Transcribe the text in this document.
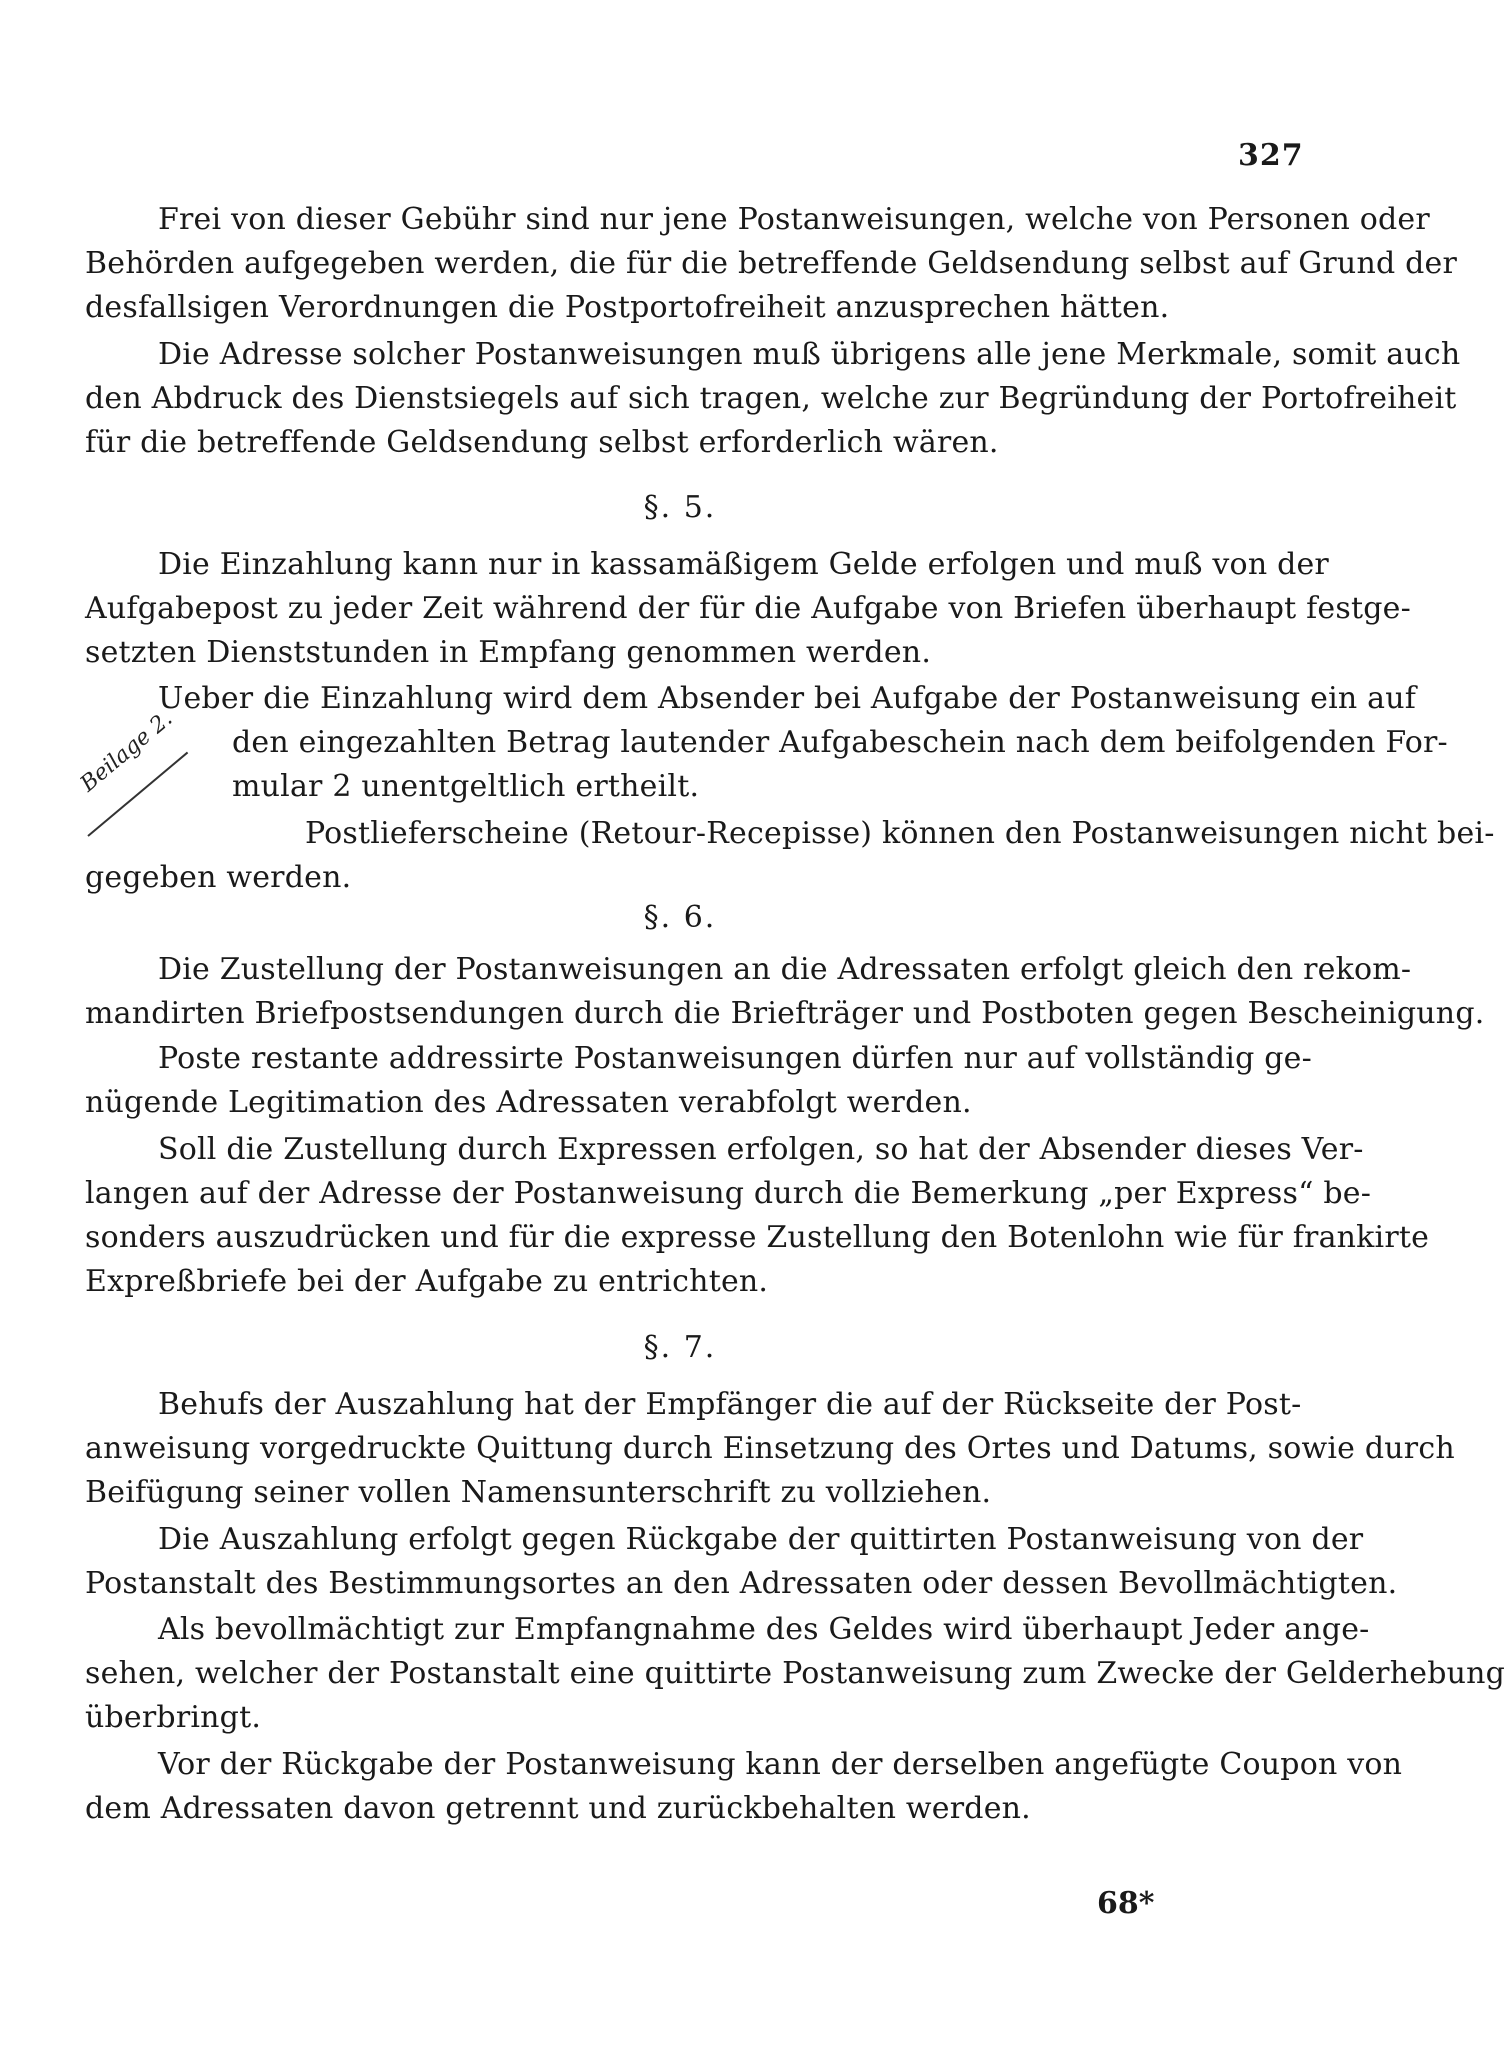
327
Frei von dieser Gebühr sind nur jene Postanweisungen, welche von Personen oder
Behörden aufgegeben werden, die für die betreffende Geldsendung selbst auf Grund der
desfallsigen Verordnungen die Postportofreiheit anzusprechen hätten.
Die Adresse solcher Postanweisungen muß übrigens alle jene Merkmale, somit auch
den Abdruck des Dienstsiegels auf sich tragen, welche zur Begründung der Portofreiheit
für die betreffende Geldsendung selbst erforderlich wären.
§. 5.
Die Einzahlung kann nur in kassamäßigem Gelde erfolgen und muß von der
Aufgabepost zu jeder Zeit während der für die Aufgabe von Briefen überhaupt festge-
setzten Dienststunden in Empfang genommen werden.
Ueber die Einzahlung wird dem Absender bei Aufgabe der Postanweisung ein auf
den eingezahlten Betrag lautender Aufgabeschein nach dem beifolgenden For-
mular 2 unentgeltlich ertheilt.
Beilage 2.
Postlieferscheine (Retour-Recepisse) können den Postanweisungen nicht bei-
gegeben werden.
§. 6.
Die Zustellung der Postanweisungen an die Adressaten erfolgt gleich den rekom-
mandirten Briefpostsendungen durch die Briefträger und Postboten gegen Bescheinigung.
Poste restante addressirte Postanweisungen dürfen nur auf vollständig ge-
nügende Legitimation des Adressaten verabfolgt werden.
Soll die Zustellung durch Expressen erfolgen, so hat der Absender dieses Ver-
langen auf der Adresse der Postanweisung durch die Bemerkung „per Express“ be-
sonders auszudrücken und für die expresse Zustellung den Botenlohn wie für frankirte
Expreßbriefe bei der Aufgabe zu entrichten.
§. 7.
Behufs der Auszahlung hat der Empfänger die auf der Rückseite der Post-
anweisung vorgedruckte Quittung durch Einsetzung des Ortes und Datums, sowie durch
Beifügung seiner vollen Namensunterschrift zu vollziehen.
Die Auszahlung erfolgt gegen Rückgabe der quittirten Postanweisung von der
Postanstalt des Bestimmungsortes an den Adressaten oder dessen Bevollmächtigten.
Als bevollmächtigt zur Empfangnahme des Geldes wird überhaupt Jeder ange-
sehen, welcher der Postanstalt eine quittirte Postanweisung zum Zwecke der Gelderhebung
überbringt.
Vor der Rückgabe der Postanweisung kann der derselben angefügte Coupon von
dem Adressaten davon getrennt und zurückbehalten werden.
68*
